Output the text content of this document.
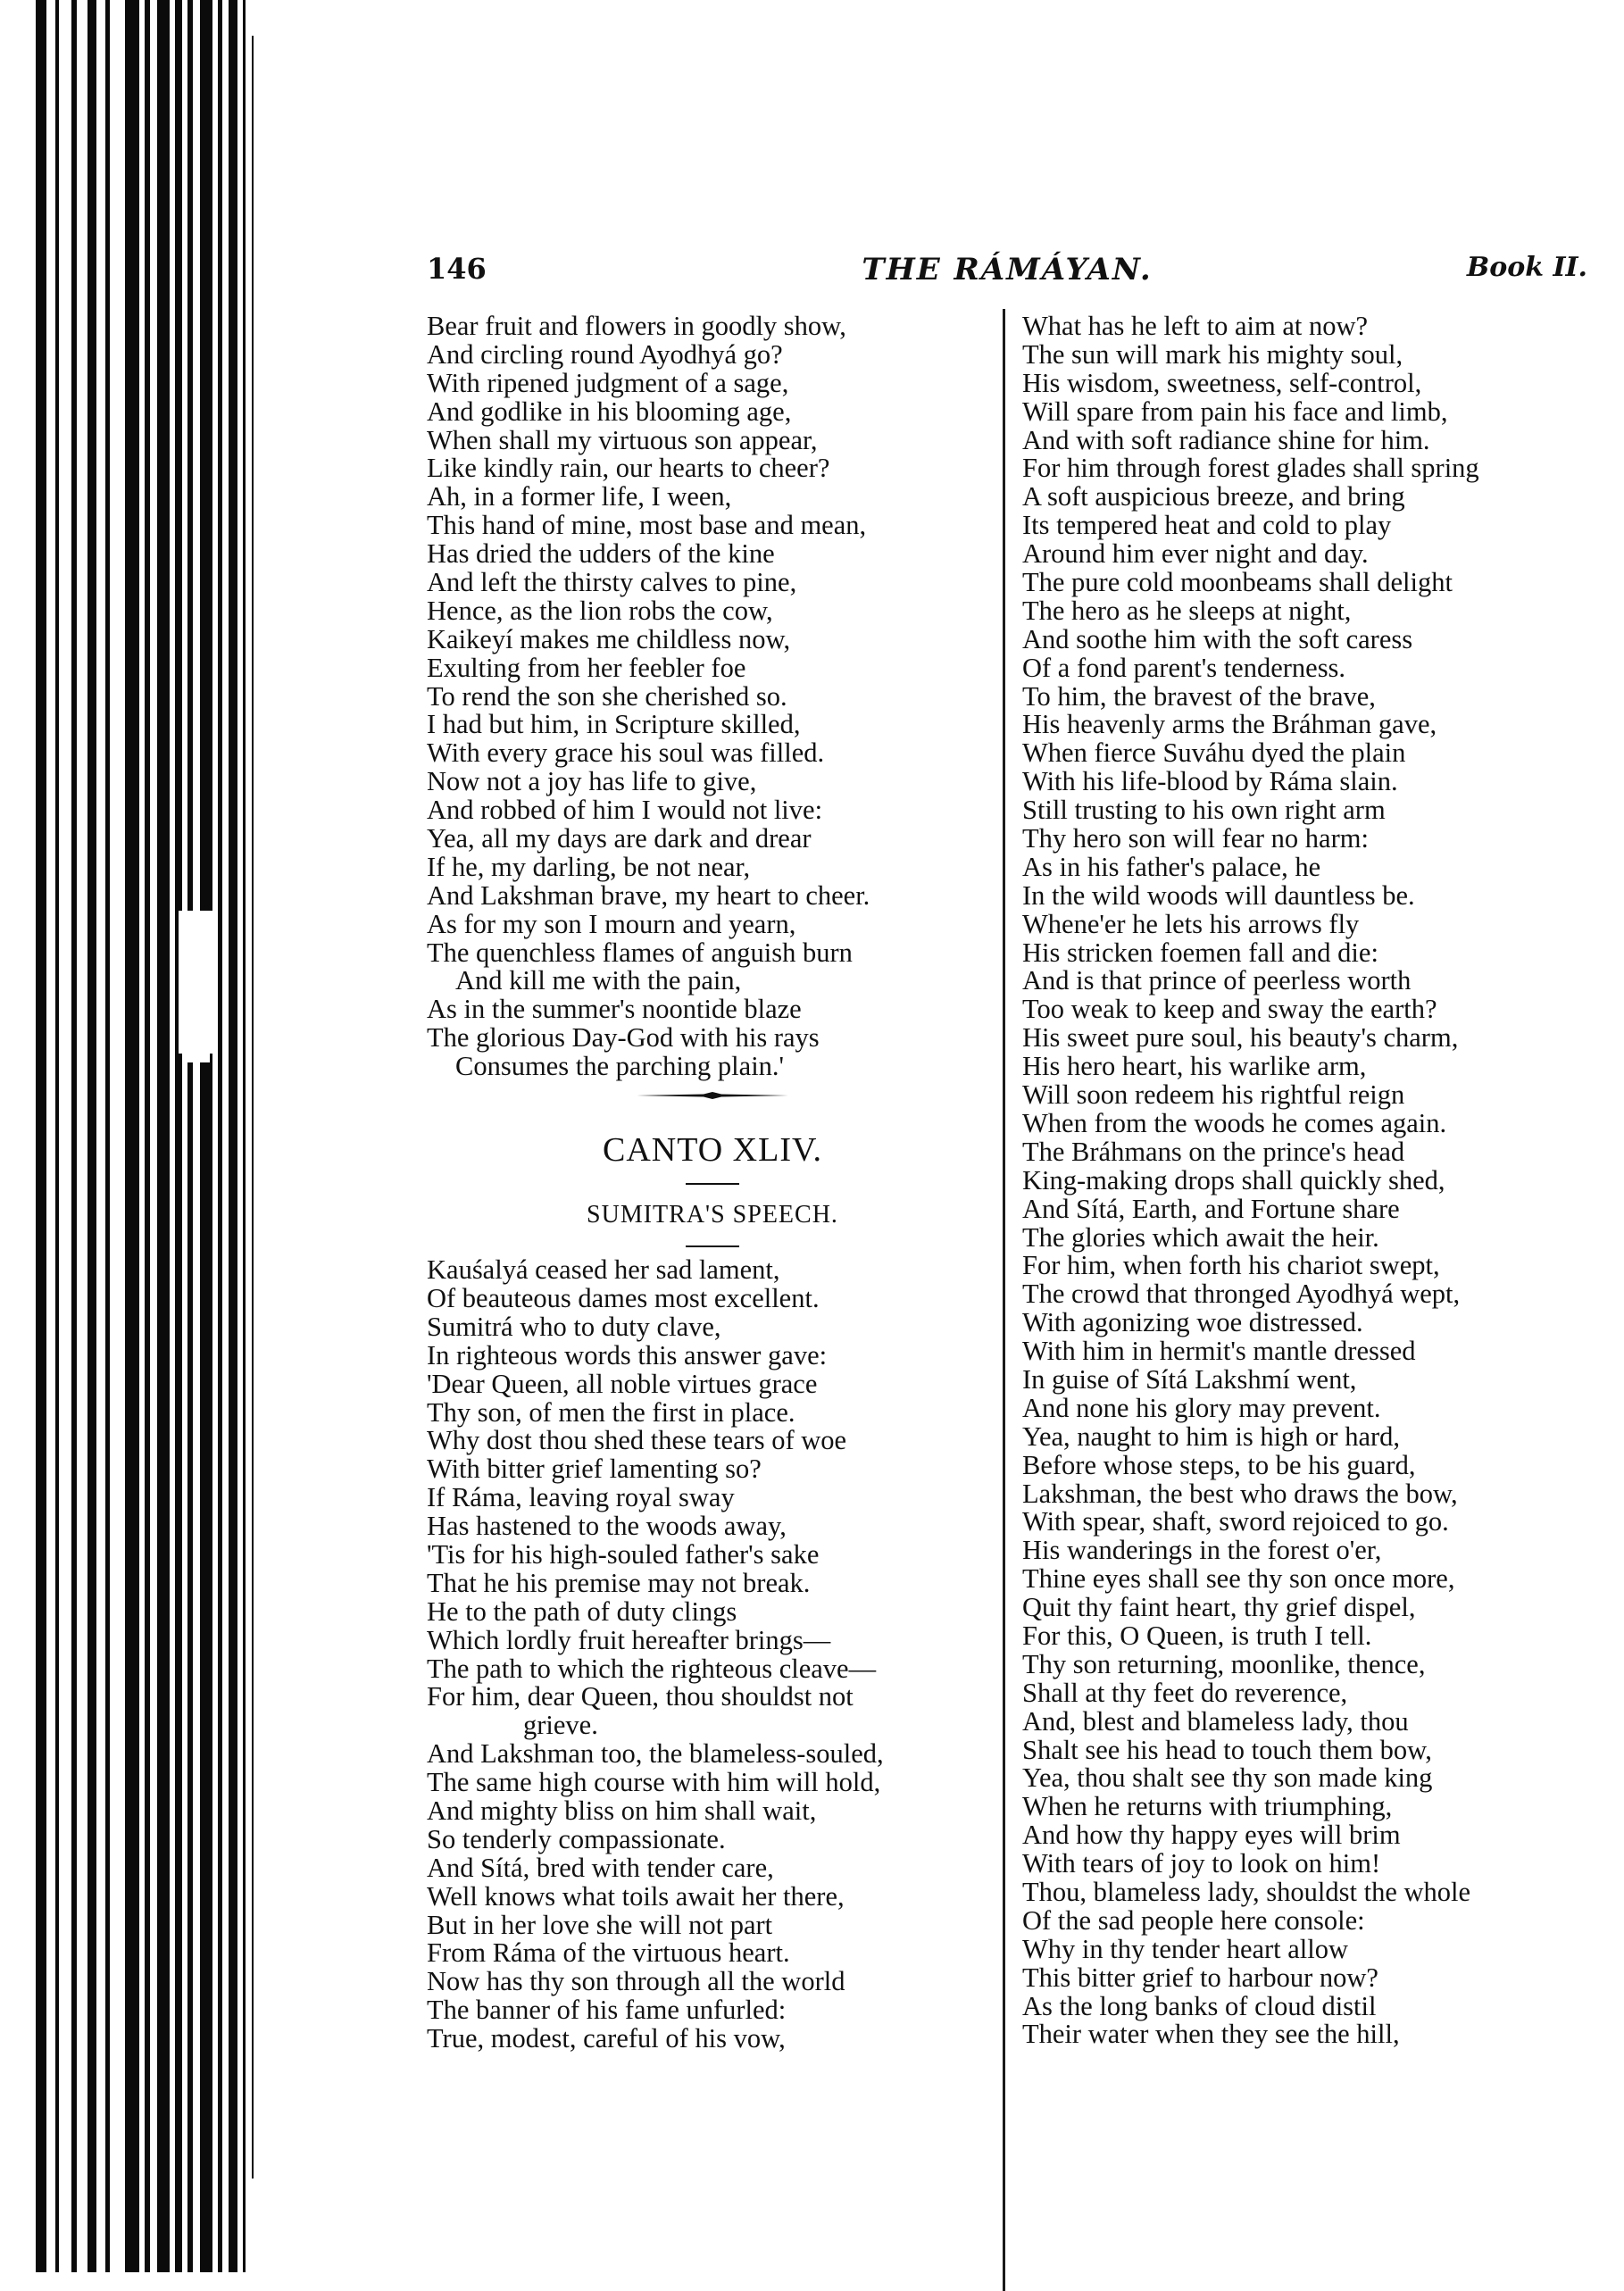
146	THE RÁMÁYAN.	Book II.
Bear fruit and flowers in goodly show,
And circling round Ayodhyá go?
With ripened judgment of a sage,
And godlike in his blooming age,
When shall my virtuous son appear,
Like kindly rain, our hearts to cheer?
Ah, in a former life, I ween,
This hand of mine, most base and mean,
Has dried the udders of the kine
And left the thirsty calves to pine,
Hence, as the lion robs the cow,
Kaikeyí makes me childless now,
Exulting from her feebler foe
To rend the son she cherished so.
I had but him, in Scripture skilled,
With every grace his soul was filled.
Now not a joy has life to give,
And robbed of him I would not live:
Yea, all my days are dark and drear
If he, my darling, be not near,
And Lakshman brave, my heart to cheer.
As for my son I mourn and yearn,
The quenchless flames of anguish burn
And kill me with the pain,
As in the summer's noontide blaze
The glorious Day-God with his rays
Consumes the parching plain.'
CANTO XLIV.
SUMITRA'S SPEECH.
Kauśalyá ceased her sad lament,
Of beauteous dames most excellent.
Sumitrá who to duty clave,
In righteous words this answer gave:
'Dear Queen, all noble virtues grace
Thy son, of men the first in place.
Why dost thou shed these tears of woe
With bitter grief lamenting so?
If Ráma, leaving royal sway
Has hastened to the woods away,
'Tis for his high-souled father's sake
That he his premise may not break.
He to the path of duty clings
Which lordly fruit hereafter brings—
The path to which the righteous cleave—
For him, dear Queen, thou shouldst not
grieve.
And Lakshman too, the blameless-souled,
The same high course with him will hold,
And mighty bliss on him shall wait,
So tenderly compassionate.
And Sítá, bred with tender care,
Well knows what toils await her there,
But in her love she will not part
From Ráma of the virtuous heart.
Now has thy son through all the world
The banner of his fame unfurled:
True, modest, careful of his vow,
What has he left to aim at now?
The sun will mark his mighty soul,
His wisdom, sweetness, self-control,
Will spare from pain his face and limb,
And with soft radiance shine for him.
For him through forest glades shall spring
A soft auspicious breeze, and bring
Its tempered heat and cold to play
Around him ever night and day.
The pure cold moonbeams shall delight
The hero as he sleeps at night,
And soothe him with the soft caress
Of a fond parent's tenderness.
To him, the bravest of the brave,
His heavenly arms the Bráhman gave,
When fierce Suváhu dyed the plain
With his life-blood by Ráma slain.
Still trusting to his own right arm
Thy hero son will fear no harm:
As in his father's palace, he
In the wild woods will dauntless be.
Whene'er he lets his arrows fly
His stricken foemen fall and die:
And is that prince of peerless worth
Too weak to keep and sway the earth?
His sweet pure soul, his beauty's charm,
His hero heart, his warlike arm,
Will soon redeem his rightful reign
When from the woods he comes again.
The Bráhmans on the prince's head
King-making drops shall quickly shed,
And Sítá, Earth, and Fortune share
The glories which await the heir.
For him, when forth his chariot swept,
The crowd that thronged Ayodhyá wept,
With agonizing woe distressed.
With him in hermit's mantle dressed
In guise of Sítá Lakshmí went,
And none his glory may prevent.
Yea, naught to him is high or hard,
Before whose steps, to be his guard,
Lakshman, the best who draws the bow,
With spear, shaft, sword rejoiced to go.
His wanderings in the forest o'er,
Thine eyes shall see thy son once more,
Quit thy faint heart, thy grief dispel,
For this, O Queen, is truth I tell.
Thy son returning, moonlike, thence,
Shall at thy feet do reverence,
And, blest and blameless lady, thou
Shalt see his head to touch them bow,
Yea, thou shalt see thy son made king
When he returns with triumphing,
And how thy happy eyes will brim
With tears of joy to look on him!
Thou, blameless lady, shouldst the whole
Of the sad people here console:
Why in thy tender heart allow
This bitter grief to harbour now?
As the long banks of cloud distil
Their water when they see the hill,
